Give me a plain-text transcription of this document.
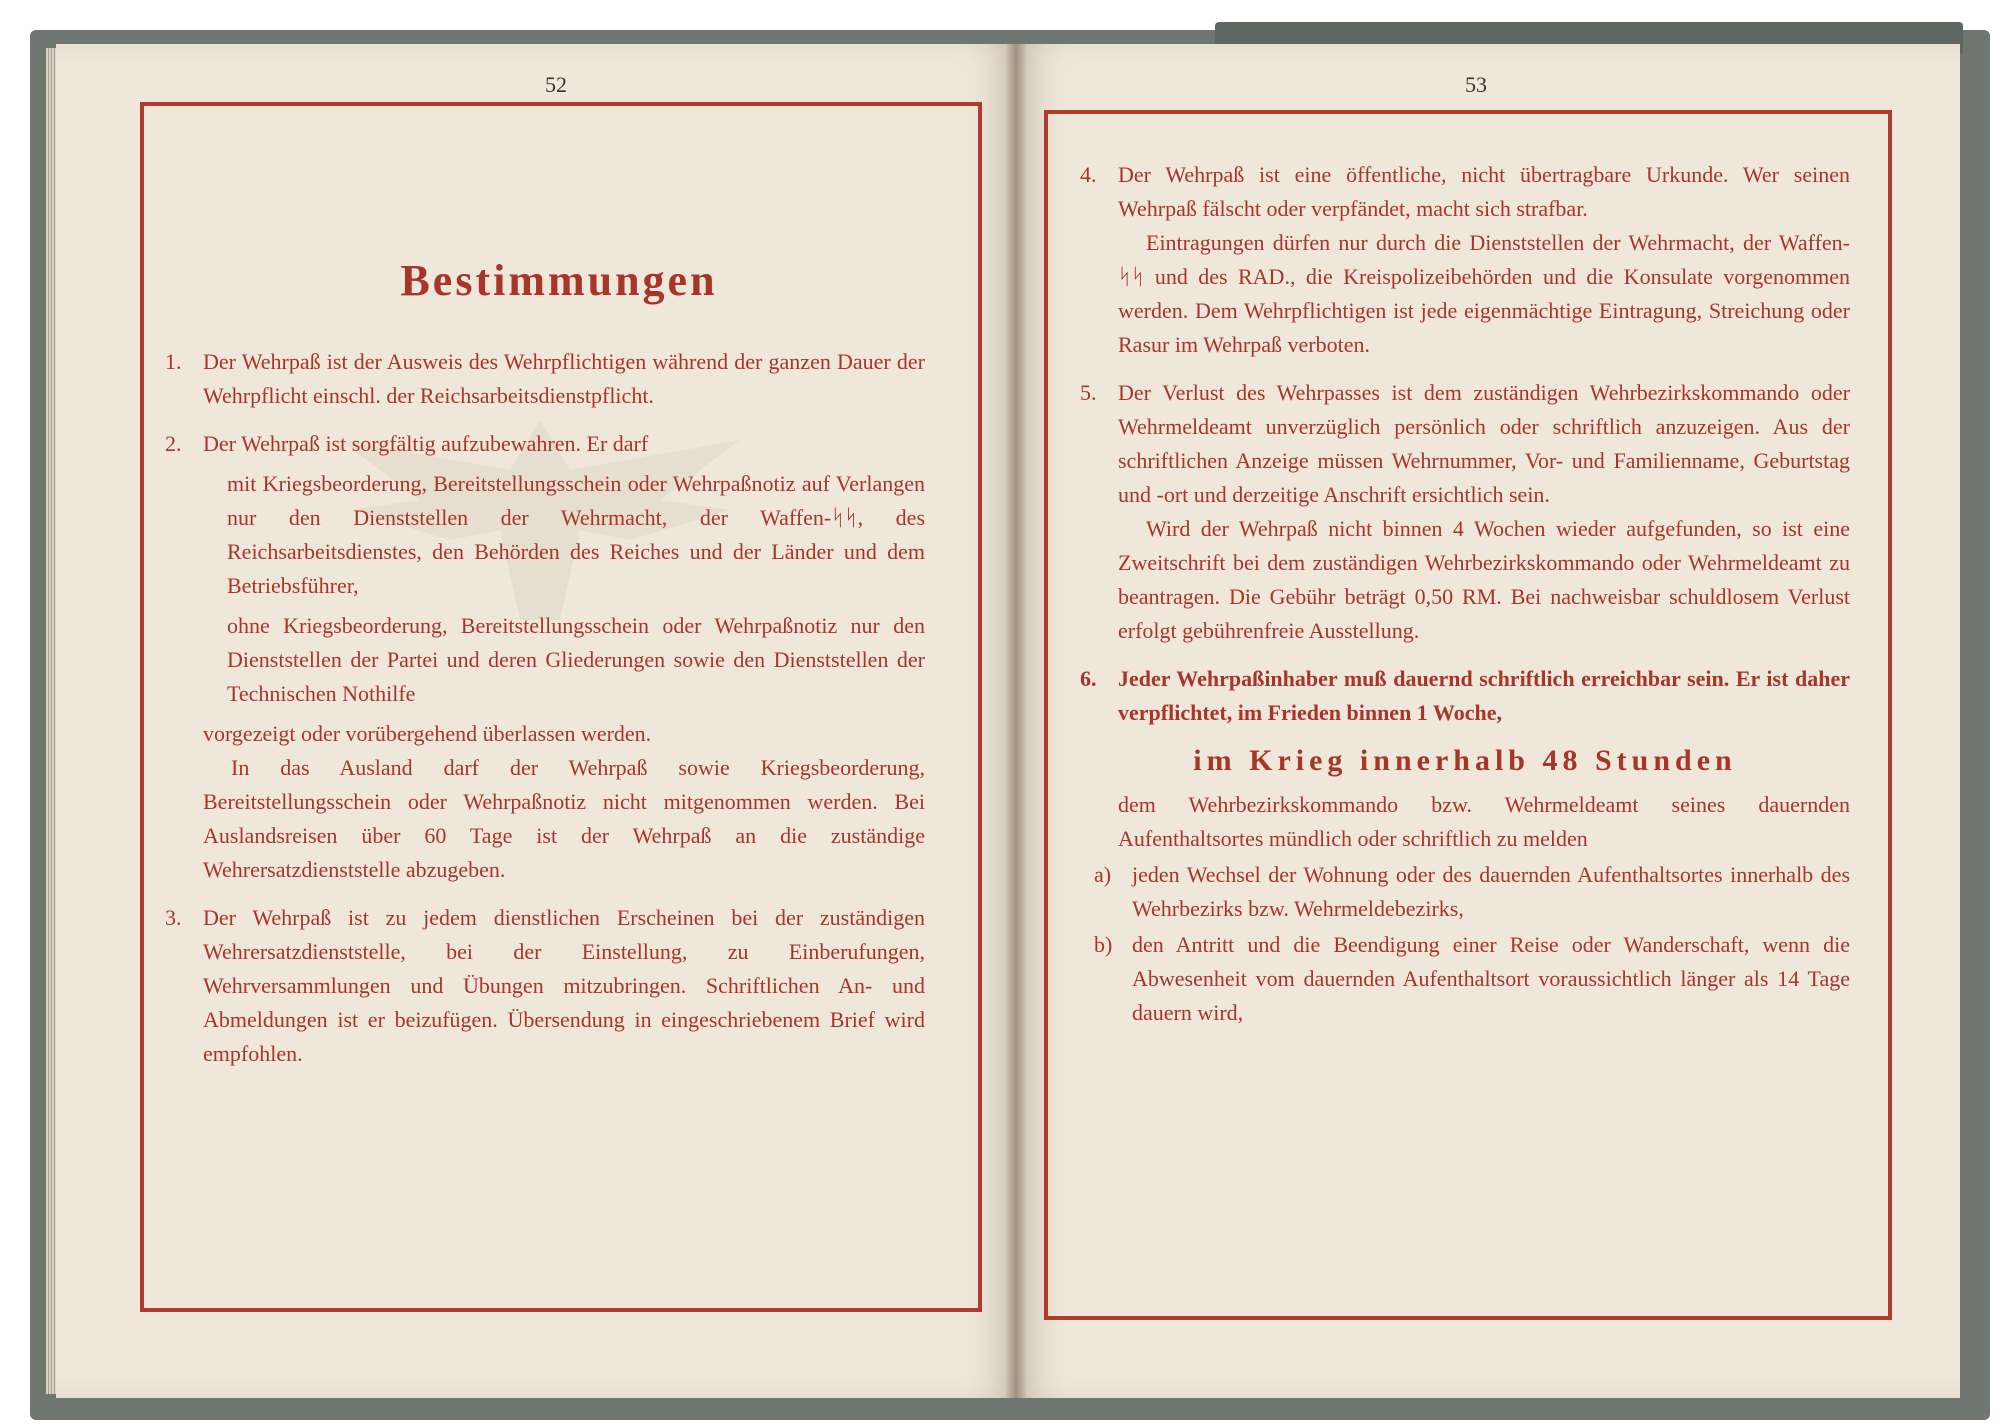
52	53
Bestimmungen
1. Der Wehrpaß ist der Ausweis des Wehrpflichtigen während der ganzen Dauer der Wehrpflicht einschl. der Reichsarbeitsdienstpflicht.
2. Der Wehrpaß ist sorgfältig aufzubewahren. Er darf
mit Kriegsbeorderung, Bereitstellungsschein oder Wehrpaßnotiz auf Verlangen nur den Dienststellen der Wehrmacht, der Waffen-ᛋᛋ, des Reichsarbeitsdienstes, den Behörden des Reiches und der Länder und dem Betriebsführer,
ohne Kriegsbeorderung, Bereitstellungsschein oder Wehrpaßnotiz nur den Dienststellen der Partei und deren Gliederungen sowie den Dienststellen der Technischen Nothilfe
vorgezeigt oder vorübergehend überlassen werden.
In das Ausland darf der Wehrpaß sowie Kriegsbeorderung, Bereitstellungsschein oder Wehrpaßnotiz nicht mitgenommen werden. Bei Auslandsreisen über 60 Tage ist der Wehrpaß an die zuständige Wehrersatzdienststelle abzugeben.
3. Der Wehrpaß ist zu jedem dienstlichen Erscheinen bei der zuständigen Wehrersatzdienststelle, bei der Einstellung, zu Einberufungen, Wehrversammlungen und Übungen mitzubringen. Schriftlichen An- und Abmeldungen ist er beizufügen. Übersendung in eingeschriebenem Brief wird empfohlen.
4. Der Wehrpaß ist eine öffentliche, nicht übertragbare Urkunde. Wer seinen Wehrpaß fälscht oder verpfändet, macht sich strafbar.
Eintragungen dürfen nur durch die Dienststellen der Wehrmacht, der Waffen-ᛋᛋ und des RAD., die Kreispolizeibehörden und die Konsulate vorgenommen werden. Dem Wehrpflichtigen ist jede eigenmächtige Eintragung, Streichung oder Rasur im Wehrpaß verboten.
5. Der Verlust des Wehrpasses ist dem zuständigen Wehrbezirkskommando oder Wehrmeldeamt unverzüglich persönlich oder schriftlich anzuzeigen. Aus der schriftlichen Anzeige müssen Wehrnummer, Vor- und Familienname, Geburtstag und -ort und derzeitige Anschrift ersichtlich sein.
Wird der Wehrpaß nicht binnen 4 Wochen wieder aufgefunden, so ist eine Zweitschrift bei dem zuständigen Wehrbezirkskommando oder Wehrmeldeamt zu beantragen. Die Gebühr beträgt 0,50 RM. Bei nachweisbar schuldlosem Verlust erfolgt gebührenfreie Ausstellung.
6. Jeder Wehrpaßinhaber muß dauernd schriftlich erreichbar sein. Er ist daher verpflichtet, im Frieden binnen 1 Woche,
im Krieg innerhalb 48 Stunden
dem Wehrbezirkskommando bzw. Wehrmeldeamt seines dauernden Aufenthaltsortes mündlich oder schriftlich zu melden
a) jeden Wechsel der Wohnung oder des dauernden Aufenthaltsortes innerhalb des Wehrbezirks bzw. Wehrmeldebezirks,
b) den Antritt und die Beendigung einer Reise oder Wanderschaft, wenn die Abwesenheit vom dauernden Aufenthaltsort voraussichtlich länger als 14 Tage dauern wird,
